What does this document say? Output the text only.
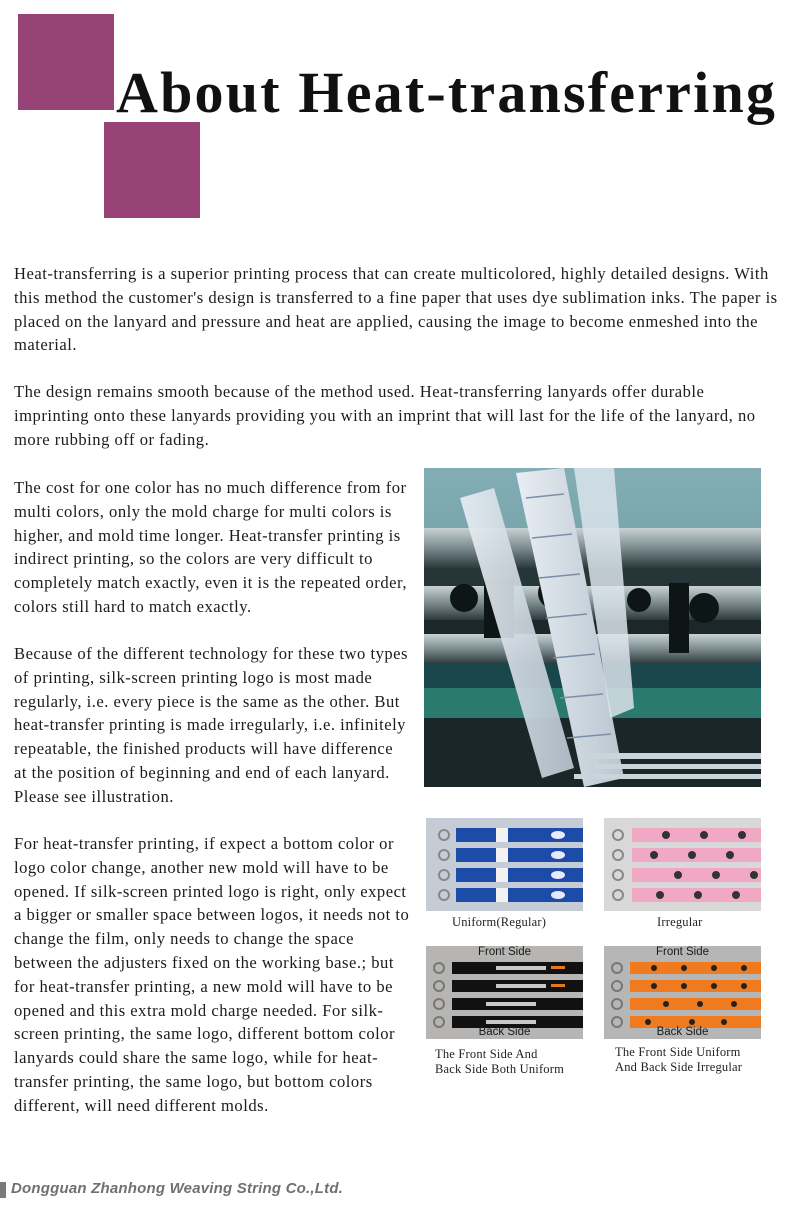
About Heat-transferring

Heat-transferring is a superior printing process that can create multicolored, highly detailed designs. With this method the customer's design is transferred to a fine paper that uses dye sublimation inks. The paper is placed on the lanyard and pressure and heat are applied, causing the image to become enmeshed into the material.

The design remains smooth because of the method used. Heat-transferring lanyards offer durable imprinting onto these lanyards providing you with an imprint that will last for the life of the lanyard, no more rubbing off or fading.

The cost for one color has no much difference from for multi colors, only the mold charge for multi colors is higher, and mold time longer. Heat-transfer printing is indirect printing, so the colors are very difficult to completely match exactly, even it is the repeated order, colors still hard to match exactly.

Because of the different technology for these two types of printing, silk-screen printing logo is most made regularly, i.e. every piece is the same as the other. But heat-transfer printing is made irregularly, i.e. infinitely repeatable, the finished products will have difference at the position of beginning and end of each lanyard. Please see illustration.

For heat-transfer printing, if expect a bottom color or logo color change, another new mold will have to be opened. If silk-screen printed logo is right, only expect a bigger or smaller space between logos, it needs not to change the film, only needs to change the space between the adjusters fixed on the working base.; but for heat-transfer printing, a new mold will have to be opened and this extra mold charge needed. For silk- screen printing, the same logo, different bottom color lanyards could share the same logo, while for heat-transfer printing, the same logo, but bottom colors different, will need different molds.

Uniform(Regular)	Irregular
Front Side
Back Side
The Front Side And
Back Side Both Uniform
Front Side
Back Side
The Front Side Uniform
And Back Side Irregular

Dongguan Zhanhong Weaving String Co.,Ltd.
